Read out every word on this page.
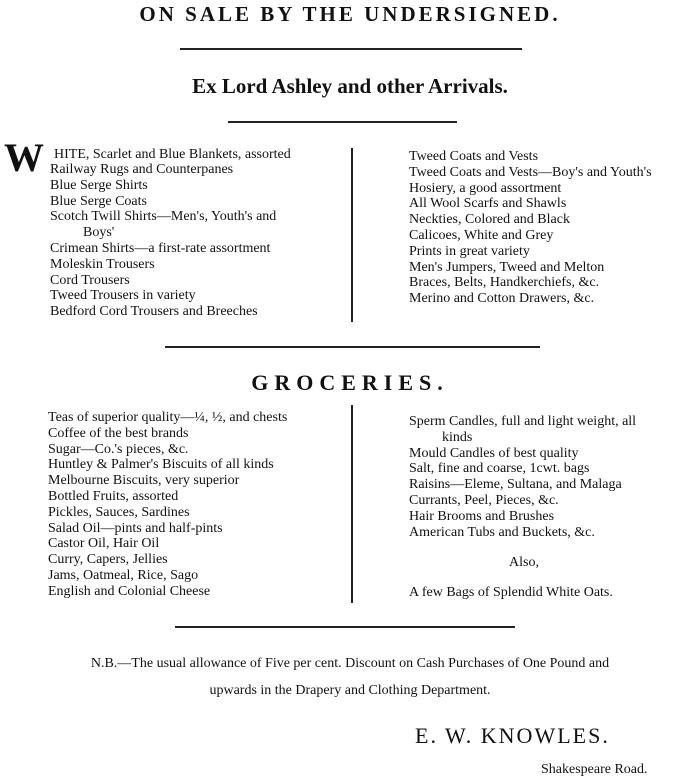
ON SALE BY THE UNDERSIGNED.
Ex Lord Ashley and other Arrivals.
W HITE, Scarlet and Blue Blankets, assorted
Railway Rugs and Counterpanes
Blue Serge Shirts
Blue Serge Coats
Scotch Twill Shirts—Men's, Youth's and
Boys'
Crimean Shirts—a first-rate assortment
Moleskin Trousers
Cord Trousers
Tweed Trousers in variety
Bedford Cord Trousers and Breeches
Tweed Coats and Vests
Tweed Coats and Vests—Boy's and Youth's
Hosiery, a good assortment
All Wool Scarfs and Shawls
Neckties, Colored and Black
Calicoes, White and Grey
Prints in great variety
Men's Jumpers, Tweed and Melton
Braces, Belts, Handkerchiefs, &c.
Merino and Cotton Drawers, &c.
GROCERIES.
Teas of superior quality—¼, ½, and chests
Coffee of the best brands
Sugar—Co.'s pieces, &c.
Huntley & Palmer's Biscuits of all kinds
Melbourne Biscuits, very superior
Bottled Fruits, assorted
Pickles, Sauces, Sardines
Salad Oil—pints and half-pints
Castor Oil, Hair Oil
Curry, Capers, Jellies
Jams, Oatmeal, Rice, Sago
English and Colonial Cheese
Sperm Candles, full and light weight, all
kinds
Mould Candles of best quality
Salt, fine and coarse, 1cwt. bags
Raisins—Eleme, Sultana, and Malaga
Currants, Peel, Pieces, &c.
Hair Brooms and Brushes
American Tubs and Buckets, &c.
Also,
A few Bags of Splendid White Oats.
N.B.—The usual allowance of Five per cent. Discount on Cash Purchases of One Pound and
upwards in the Drapery and Clothing Department.
E. W. KNOWLES.
Shakespeare Road.
